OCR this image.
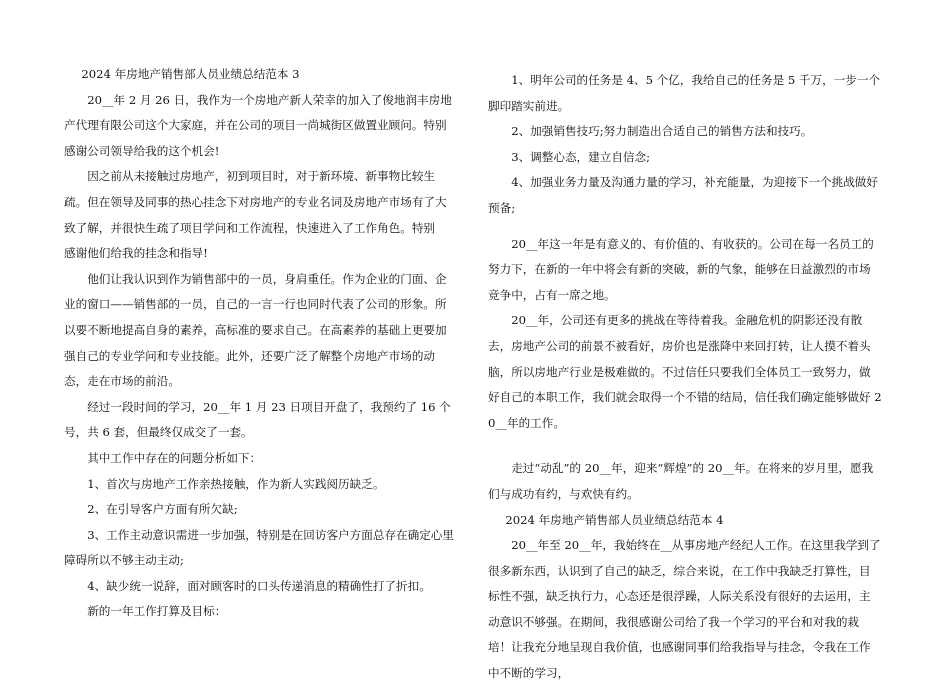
2024 年房地产销售部人员业绩总结范本 3

20__年 2 月 26 日，我作为一个房地产新人荣幸的加入了俊地润丰房地产代理有限公司这个大家庭，并在公司的项目一尚城街区做置业顾问。特别　　感谢公司领导给我的这个机会!

因之前从未接触过房地产，初到项目时，对于新环境、新事物比较生疏。但在领导及同事的热心挂念下对房地产的专业名词及房地产市场有了大致了解，并很快生疏了项目学问和工作流程，快速进入了工作角色。特别　　感谢他们给我的挂念和指导!

他们让我认识到作为销售部中的一员，身肩重任。作为企业的门面、企业的窗口——销售部的一员，自己的一言一行也同时代表了公司的形象。所以要不断地提高自身的素养，高标准的要求自己。在高素养的基础上更要加强自己的专业学问和专业技能。此外，还要广泛了解整个房地产市场的动态，走在市场的前沿。

经过一段时间的学习，20__年 1 月 23 日项目开盘了，我预约了 16 个号，共 6 套，但最终仅成交了一套。

其中工作中存在的问题分析如下：

1、首次与房地产工作亲热接触，作为新人实践阅历缺乏。

2、在引导客户方面有所欠缺;

3、工作主动意识需进一步加强，特别是在回访客户方面总存在确定心里障碍所以不够主动主动;

4、缺少统一说辞，面对顾客时的口头传递消息的精确性打了折扣。

新的一年工作打算及目标：

1、明年公司的任务是 4、5 个亿，我给自己的任务是 5 千万，一步一个脚印踏实前进。

2、加强销售技巧;努力制造出合适自己的销售方法和技巧。

3、调整心态，建立自信念;

4、加强业务力量及沟通力量的学习，补充能量，为迎接下一个挑战做好预备;

20__年这一年是有意义的、有价值的、有收获的。公司在每一名员工的努力下，在新的一年中将会有新的突破，新的气象，能够在日益激烈的市场竞争中，占有一席之地。

20__年，公司还有更多的挑战在等待着我。金融危机的阴影还没有散去，房地产公司的前景不被看好，房价也是涨降中来回打转，让人摸不着头脑，所以房地产行业是极难做的。不过信任只要我们全体员工一致努力，做好自己的本职工作，我们就会取得一个不错的结局，信任我们确定能够做好 20__年的工作。

走过“动乱”的 20__年，迎来“辉煌”的 20__年。在将来的岁月里，愿我们与成功有约，与欢快有约。

2024 年房地产销售部人员业绩总结范本 4

20__年至 20__年，我始终在__从事房地产经纪人工作。在这里我学到了很多新东西，认识到了自己的缺乏，综合来说，在工作中我缺乏打算性，目标性不强，缺乏执行力，心态还是很浮躁，人际关系没有很好的去运用，主动意识不够强。在期间，我很感谢公司给了我一个学习的平台和对我的栽培！让我充分地呈现自我价值，也感谢同事们给我指导与挂念，令我在工作中不断的学习，
